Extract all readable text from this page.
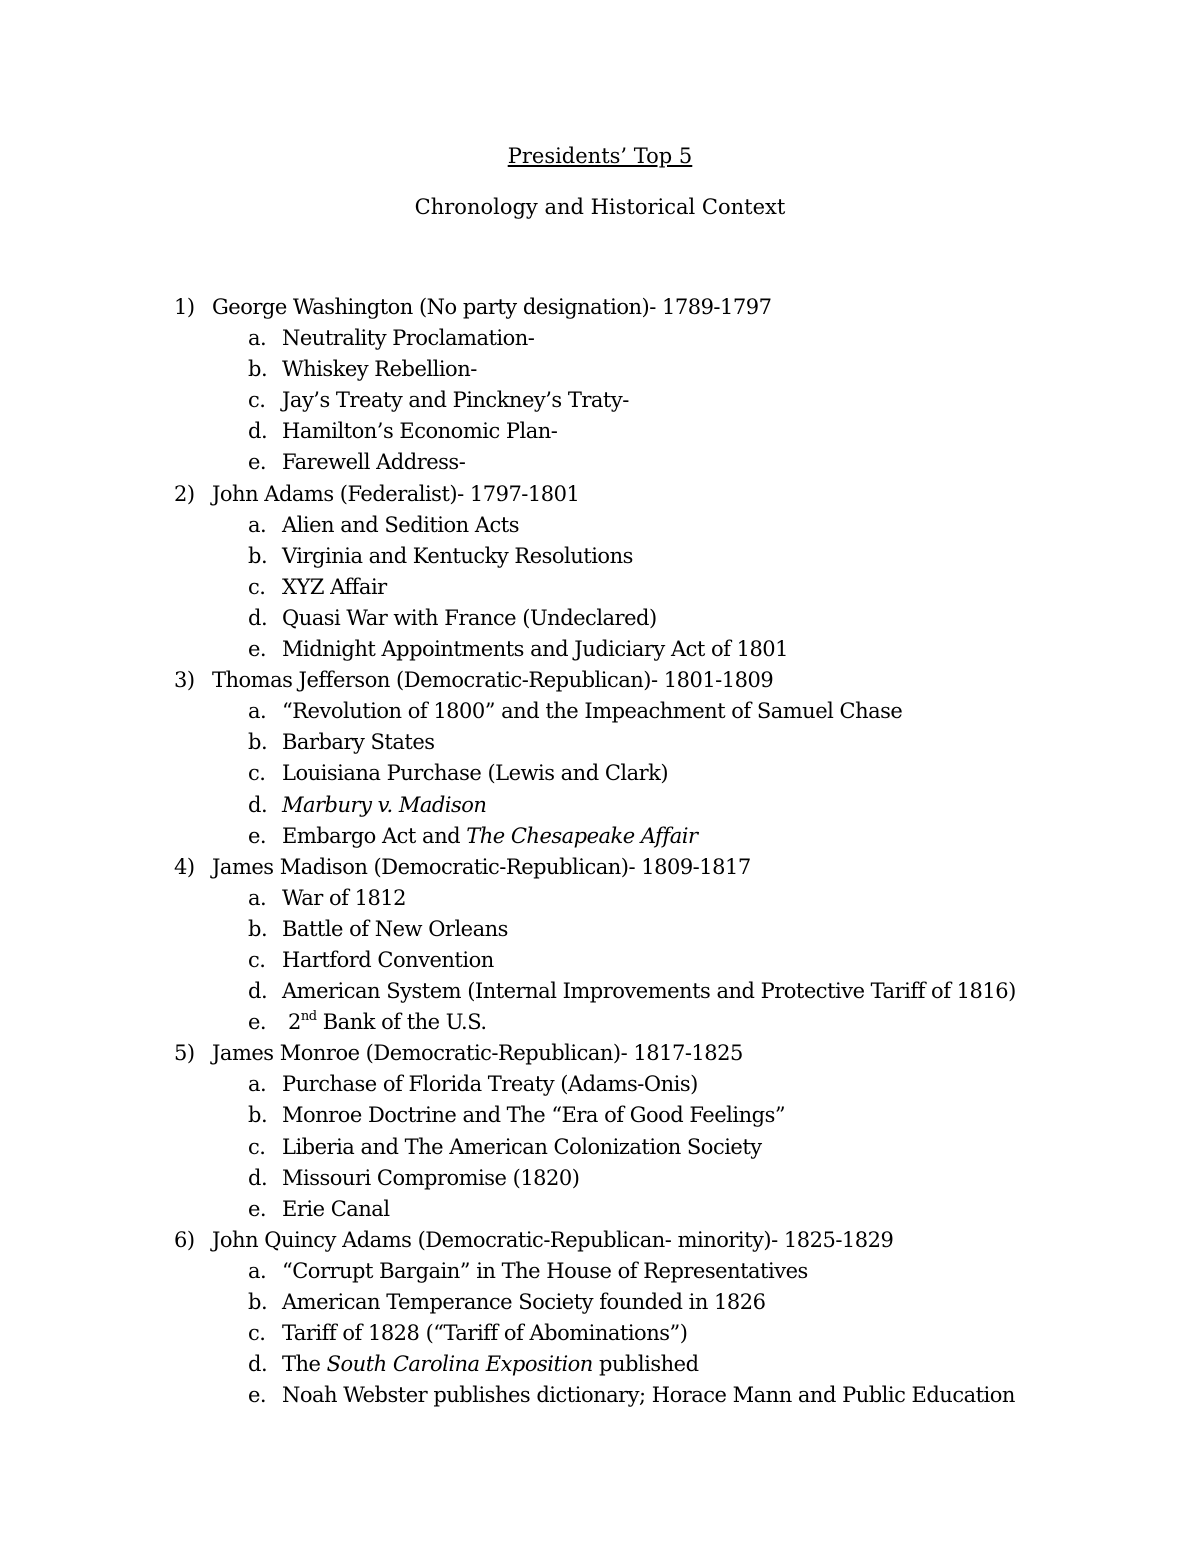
Presidents’ Top 5
Chronology and Historical Context
1) George Washington (No party designation)- 1789-1797
a. Neutrality Proclamation-
b. Whiskey Rebellion-
c. Jay’s Treaty and Pinckney’s Traty-
d. Hamilton’s Economic Plan-
e. Farewell Address-
2) John Adams (Federalist)- 1797-1801
a. Alien and Sedition Acts
b. Virginia and Kentucky Resolutions
c. XYZ Affair
d. Quasi War with France (Undeclared)
e. Midnight Appointments and Judiciary Act of 1801
3) Thomas Jefferson (Democratic-Republican)- 1801-1809
a. “Revolution of 1800” and the Impeachment of Samuel Chase
b. Barbary States
c. Louisiana Purchase (Lewis and Clark)
d. Marbury v. Madison
e. Embargo Act and The Chesapeake Affair
4) James Madison (Democratic-Republican)- 1809-1817
a. War of 1812
b. Battle of New Orleans
c. Hartford Convention
d. American System (Internal Improvements and Protective Tariff of 1816)
e. 2nd Bank of the U.S.
5) James Monroe (Democratic-Republican)- 1817-1825
a. Purchase of Florida Treaty (Adams-Onis)
b. Monroe Doctrine and The “Era of Good Feelings”
c. Liberia and The American Colonization Society
d. Missouri Compromise (1820)
e. Erie Canal
6) John Quincy Adams (Democratic-Republican- minority)- 1825-1829
a. “Corrupt Bargain” in The House of Representatives
b. American Temperance Society founded in 1826
c. Tariff of 1828 (“Tariff of Abominations”)
d. The South Carolina Exposition published
e. Noah Webster publishes dictionary; Horace Mann and Public Education
